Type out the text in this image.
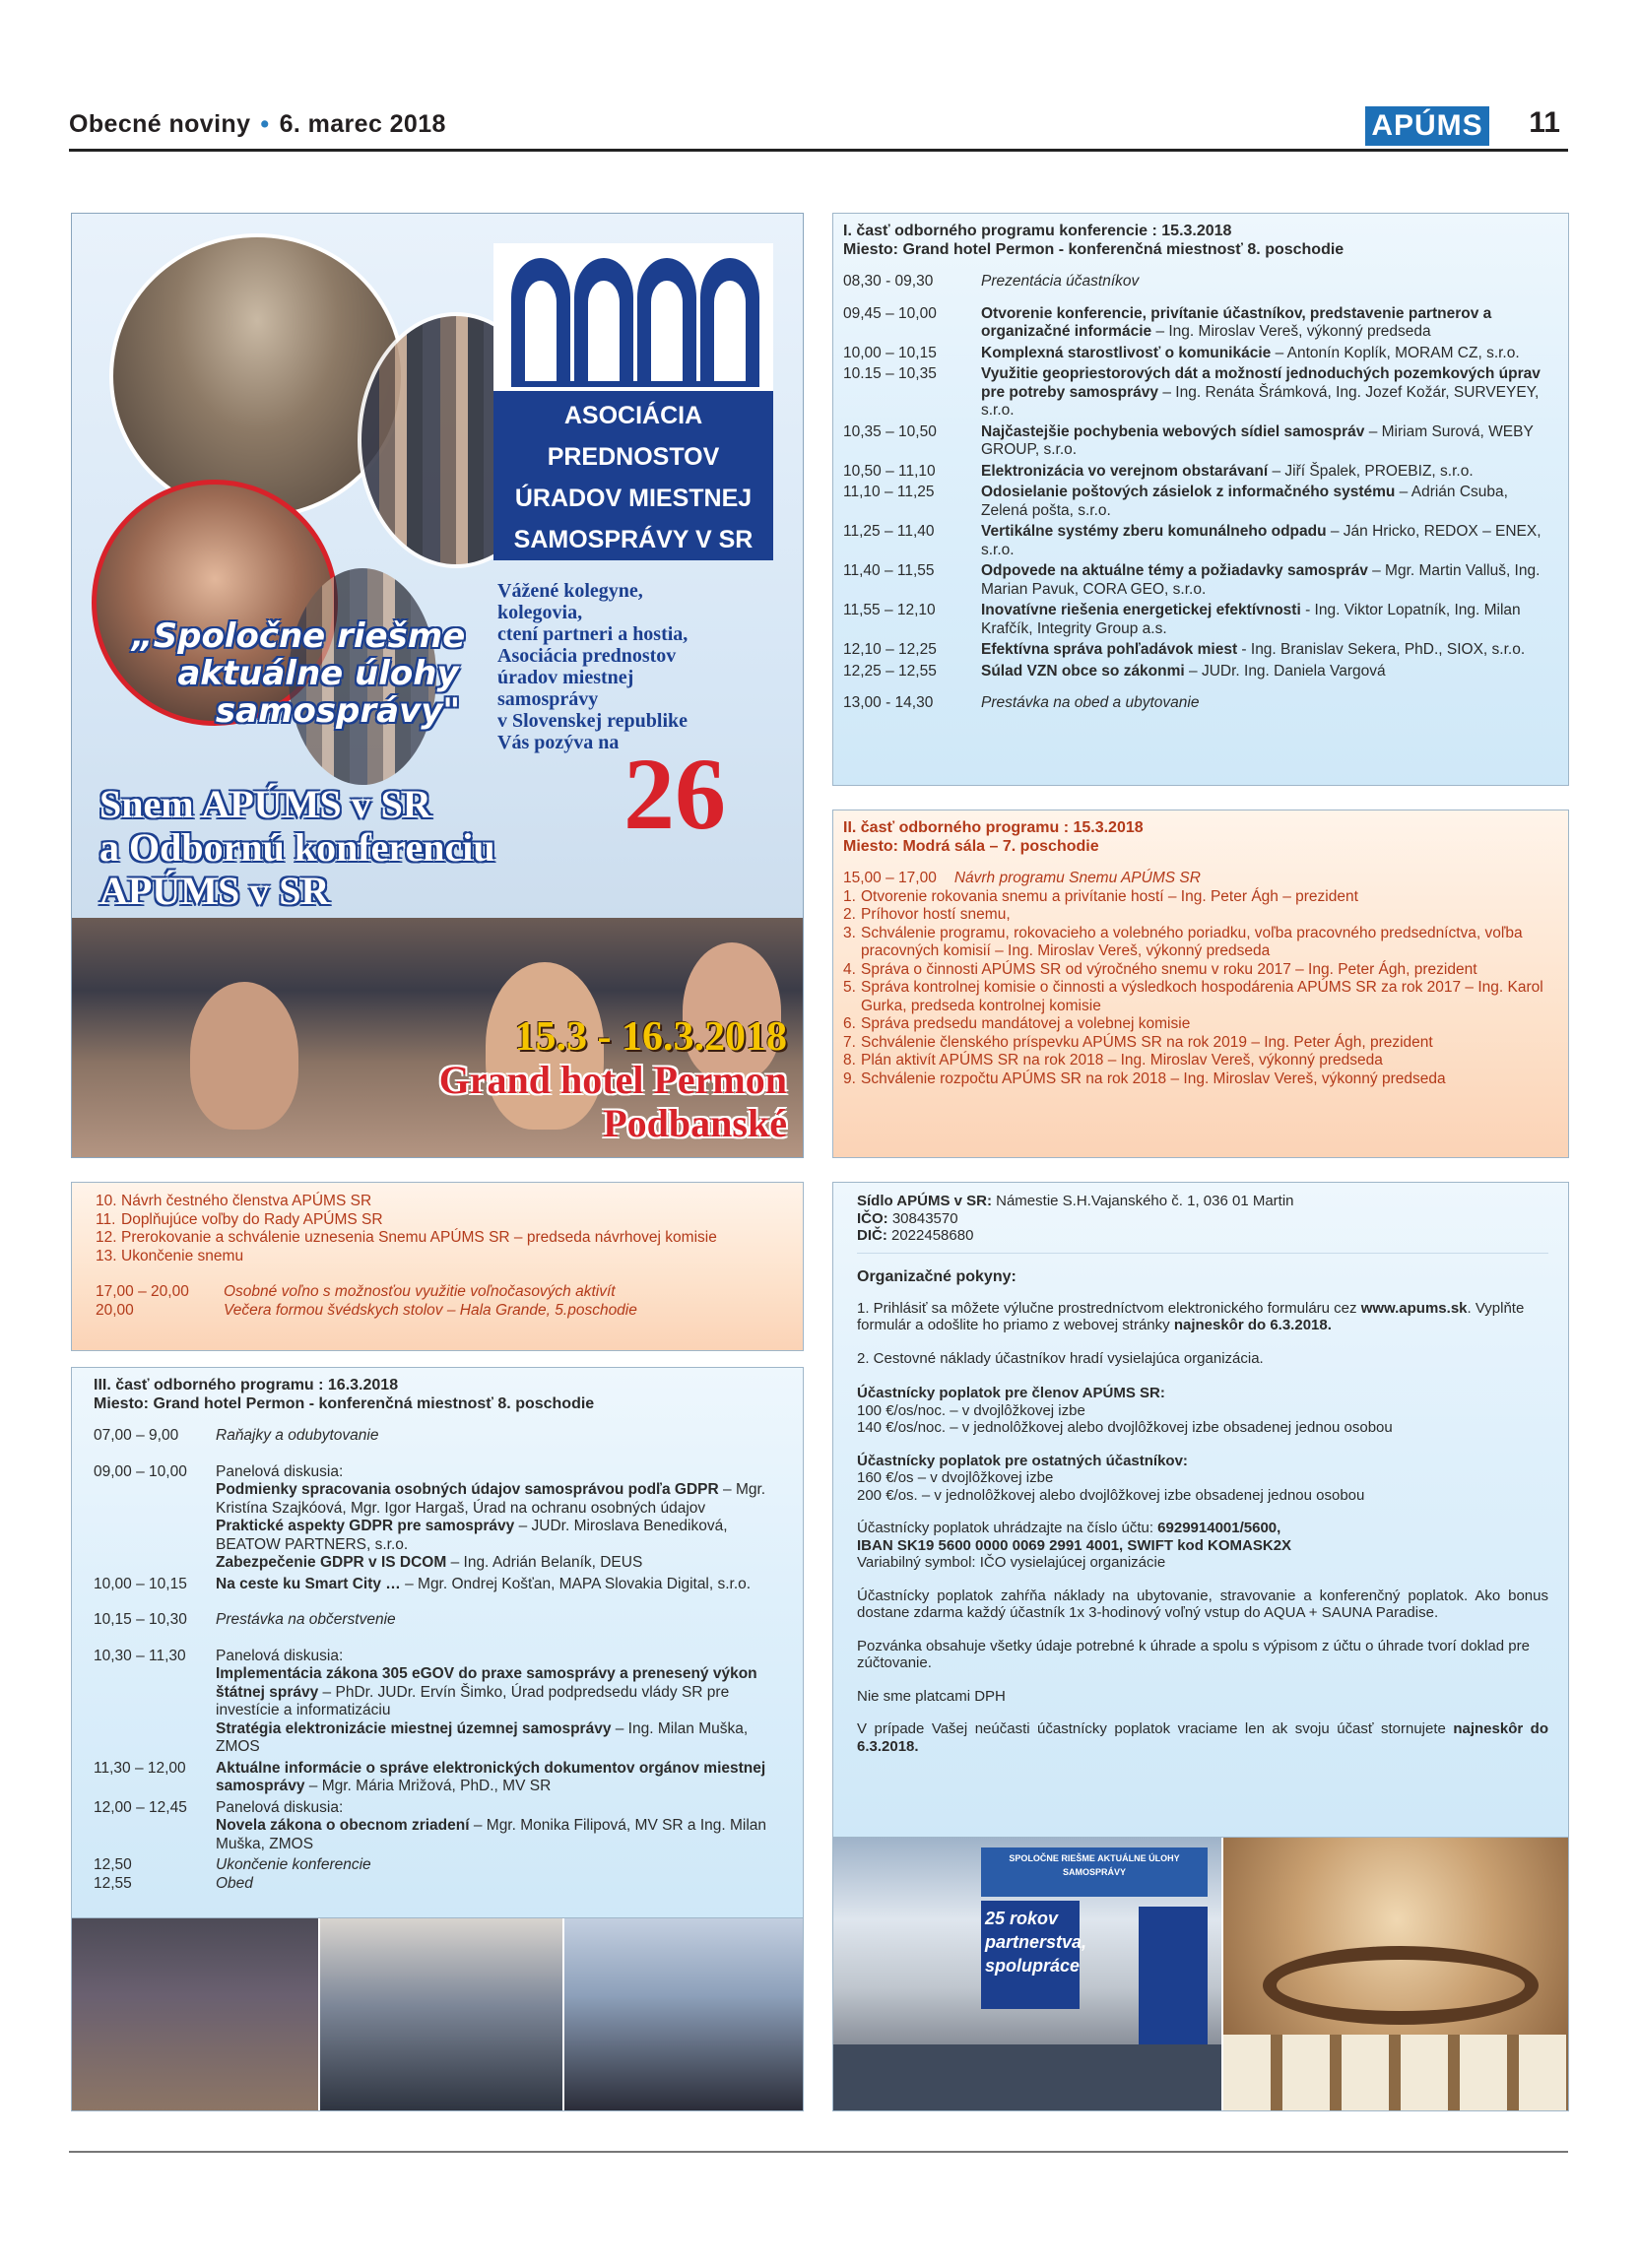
Obecné noviny • 6. marec 2018	APÚMS 11
ASOCIÁCIA
PREDNOSTOV
ÚRADOV MIESTNEJ
SAMOSPRÁVY V SR
Vážené kolegyne,
kolegovia,
ctení partneri a hostia,
Asociácia prednostov
úradov miestnej
samosprávy
v Slovenskej republike
Vás pozýva na
„Spoločne riešme
aktuálne úlohy
samosprávy"
26
Snem APÚMS v SR
a Odbornú konferenciu
APÚMS v SR
15.3 - 16.3.2018
Grand hotel Permon
Podbanské
I. časť odborného programu konferencie : 15.3.2018
Miesto: Grand hotel Permon - konferenčná miestnosť 8. poschodie
08,30 - 09,30	Prezentácia účastníkov
09,45 – 10,00	Otvorenie konferencie, privítanie účastníkov, predstavenie partnerov a organizačné informácie – Ing. Miroslav Vereš, výkonný predseda
10,00 – 10,15	Komplexná starostlivosť o komunikácie – Antonín Koplík, MORAM CZ, s.r.o.
10.15 – 10,35	Využitie geopriestorových dát a možností jednoduchých pozemkových úprav pre potreby samosprávy – Ing. Renáta Šrámková, Ing. Jozef Kožár, SURVEYEY, s.r.o.
10,35 – 10,50	Najčastejšie pochybenia webových sídiel samospráv – Miriam Surová, WEBY GROUP, s.r.o.
10,50 – 11,10	Elektronizácia vo verejnom obstarávaní – Jiří Špalek, PROEBIZ, s.r.o.
11,10 – 11,25	Odosielanie poštových zásielok z informačného systému – Adrián Csuba, Zelená pošta, s.r.o.
11,25 – 11,40	Vertikálne systémy zberu komunálneho odpadu – Ján Hricko, REDOX – ENEX, s.r.o.
11,40 – 11,55	Odpovede na aktuálne témy a požiadavky samospráv – Mgr. Martin Valluš, Ing. Marian Pavuk, CORA GEO, s.r.o.
11,55 – 12,10	Inovatívne riešenia energetickej efektívnosti - Ing. Viktor Lopatník, Ing. Milan Krafčík, Integrity Group a.s.
12,10 – 12,25	Efektívna správa pohľadávok miest - Ing. Branislav Sekera, PhD., SIOX, s.r.o.
12,25 – 12,55	Súlad VZN obce so zákonmi – JUDr. Ing. Daniela Vargová
13,00 - 14,30	Prestávka na obed a ubytovanie
II. časť odborného programu : 15.3.2018
Miesto: Modrá sála – 7. poschodie
15,00 – 17,00 Návrh programu Snemu APÚMS SR
1. Otvorenie rokovania snemu a privítanie hostí – Ing. Peter Ágh – prezident
2. Príhovor hostí snemu,
3. Schválenie programu, rokovacieho a volebného poriadku, voľba pracovného predsedníctva, voľba pracovných komisií – Ing. Miroslav Vereš, výkonný predseda
4. Správa o činnosti APÚMS SR od výročného snemu v roku 2017 – Ing. Peter Ágh, prezident
5. Správa kontrolnej komisie o činnosti a výsledkoch hospodárenia APÚMS SR za rok 2017 – Ing. Karol Gurka, predseda kontrolnej komisie
6. Správa predsedu mandátovej a volebnej komisie
7. Schválenie členského príspevku APÚMS SR na rok 2019 – Ing. Peter Ágh, prezident
8. Plán aktivít APÚMS SR na rok 2018 – Ing. Miroslav Vereš, výkonný predseda
9. Schválenie rozpočtu APÚMS SR na rok 2018 – Ing. Miroslav Vereš, výkonný predseda
10. Návrh čestného členstva APÚMS SR
11. Doplňujúce voľby do Rady APÚMS SR
12. Prerokovanie a schválenie uznesenia Snemu APÚMS SR – predseda návrhovej komisie
13. Ukončenie snemu
17,00 – 20,00	Osobné voľno s možnosťou využitie voľnočasových aktivít
20,00	Večera formou švédskych stolov – Hala Grande, 5.poschodie
III. časť odborného programu : 16.3.2018
Miesto: Grand hotel Permon - konferenčná miestnosť 8. poschodie
07,00 – 9,00	Raňajky a odubytovanie
09,00 – 10,00	Panelová diskusia:
Podmienky spracovania osobných údajov samosprávou podľa GDPR – Mgr. Kristína Szajkóová, Mgr. Igor Hargaš, Úrad na ochranu osobných údajov
Praktické aspekty GDPR pre samosprávy – JUDr. Miroslava Benediková, BEATOW PARTNERS, s.r.o.
Zabezpečenie GDPR v IS DCOM – Ing. Adrián Belaník, DEUS
10,00 – 10,15	Na ceste ku Smart City … – Mgr. Ondrej Košťan, MAPA Slovakia Digital, s.r.o.
10,15 – 10,30	Prestávka na občerstvenie
10,30 – 11,30	Panelová diskusia:
Implementácia zákona 305 eGOV do praxe samosprávy a prenesený výkon štátnej správy – PhDr. JUDr. Ervín Šimko, Úrad podpredsedu vlády SR pre investície a informatizáciu
Stratégia elektronizácie miestnej územnej samosprávy – Ing. Milan Muška, ZMOS
11,30 – 12,00	Aktuálne informácie o správe elektronických dokumentov orgánov miestnej samosprávy – Mgr. Mária Mrižová, PhD., MV SR
12,00 – 12,45	Panelová diskusia:
Novela zákona o obecnom zriadení – Mgr. Monika Filipová, MV SR a Ing. Milan Muška, ZMOS
12,50	Ukončenie konferencie
12,55	Obed
Sídlo APÚMS v SR: Námestie S.H.Vajanského č. 1, 036 01 Martin
IČO: 30843570
DIČ: 2022458680
Organizačné pokyny:
1. Prihlásiť sa môžete výlučne prostredníctvom elektronického formuláru cez www.apums.sk. Vyplňte formulár a odošlite ho priamo z webovej stránky najneskôr do 6.3.2018.
2. Cestovné náklady účastníkov hradí vysielajúca organizácia.
Účastnícky poplatok pre členov APÚMS SR:
100 €/os/noc. – v dvojlôžkovej izbe
140 €/os/noc. – v jednolôžkovej alebo dvojlôžkovej izbe obsadenej jednou osobou
Účastnícky poplatok pre ostatných účastníkov:
160 €/os – v dvojlôžkovej izbe
200 €/os. – v jednolôžkovej alebo dvojlôžkovej izbe obsadenej jednou osobou
Účastnícky poplatok uhrádzajte na číslo účtu: 6929914001/5600,
IBAN SK19 5600 0000 0069 2991 4001, SWIFT kod KOMASK2X
Variabilný symbol: IČO vysielajúcej organizácie
Účastnícky poplatok zahŕňa náklady na ubytovanie, stravovanie a konferenčný poplatok. Ako bonus dostane zdarma každý účastník 1x 3-hodinový voľný vstup do AQUA + SAUNA Paradise.
Pozvánka obsahuje všetky údaje potrebné k úhrade a spolu s výpisom z účtu o úhrade tvorí doklad pre zúčtovanie.
Nie sme platcami DPH
V prípade Vašej neúčasti účastnícky poplatok vraciame len ak svoju účasť stornujete najneskôr do 6.3.2018.
SPOLOČNE RIEŠME AKTUÁLNE ÚLOHY SAMOSPRÁVY
25 rokov
partnerstva,
spolupráce
